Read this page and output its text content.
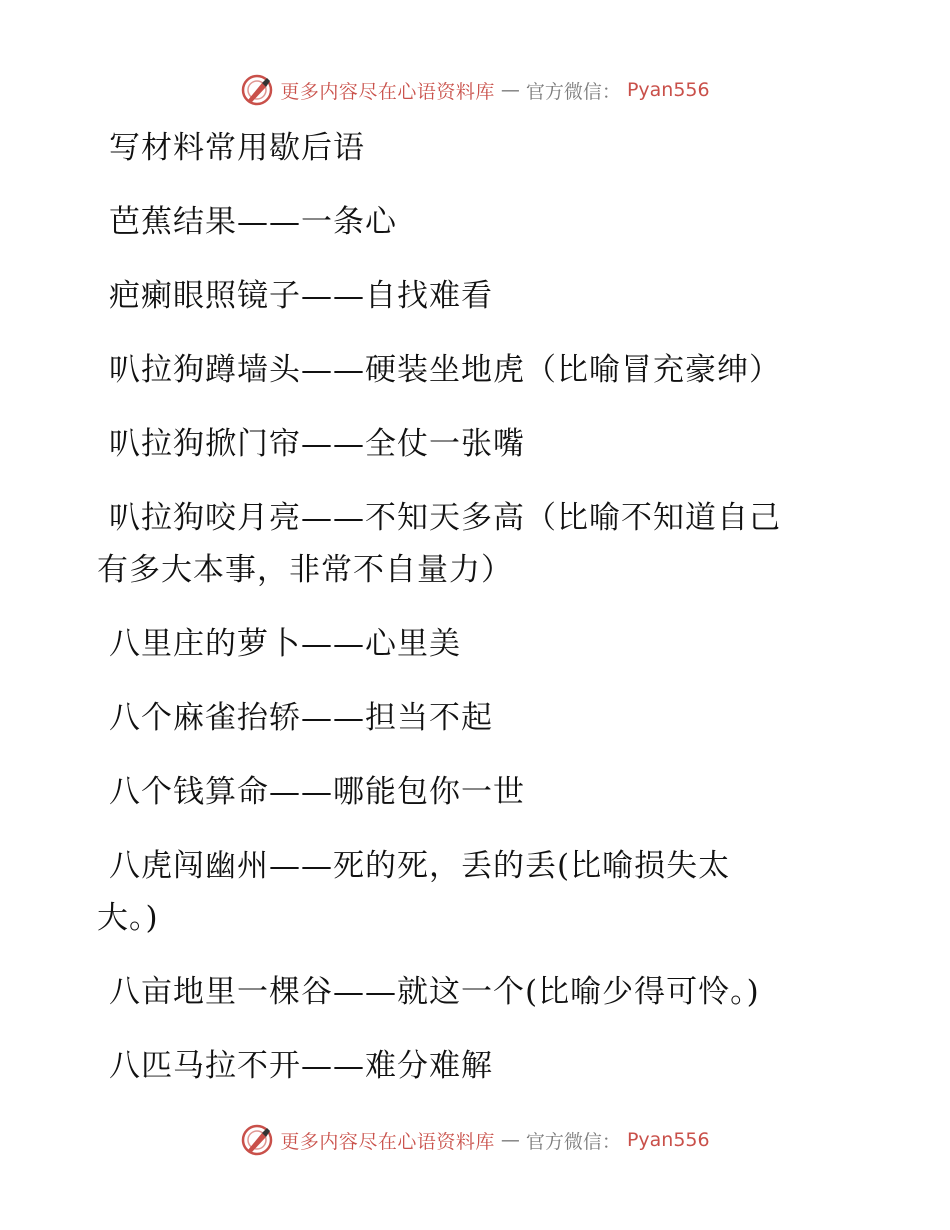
更多内容尽在心语资料库 — 官方微信： Pyan556

写材料常用歇后语

芭蕉结果——一条心

疤瘌眼照镜子——自找难看

叭拉狗蹲墙头——硬装坐地虎（比喻冒充豪绅）

叭拉狗掀门帘——全仗一张嘴

叭拉狗咬月亮——不知天多高（比喻不知道自己
有多大本事，非常不自量力）

八里庄的萝卜——心里美

八个麻雀抬轿——担当不起

八个钱算命——哪能包你一世

八虎闯幽州——死的死，丢的丢(比喻损失太
大。)

八亩地里一棵谷——就这一个(比喻少得可怜。)

八匹马拉不开——难分难解

更多内容尽在心语资料库 — 官方微信： Pyan556
